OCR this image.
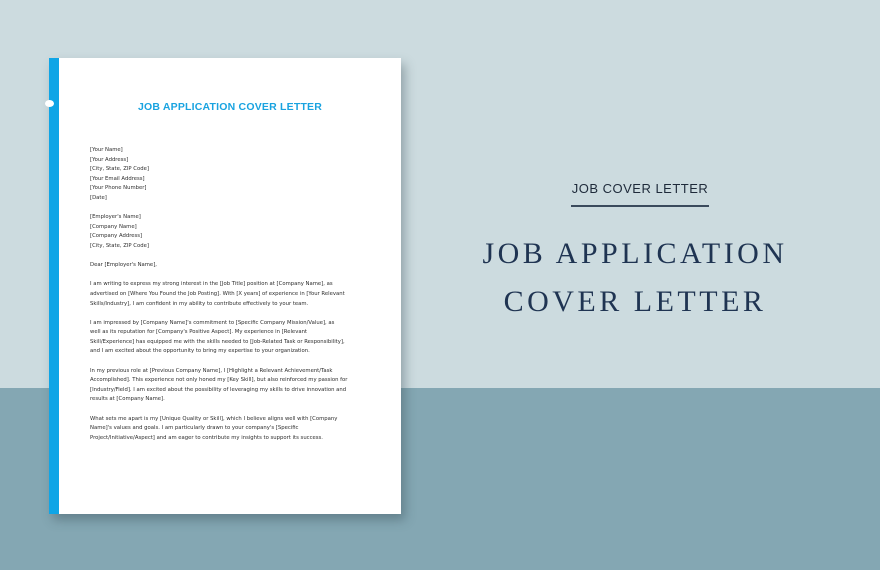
JOB APPLICATION COVER LETTER
[Your Name]
[Your Address]
[City, State, ZIP Code]
[Your Email Address]
[Your Phone Number]
[Date]
[Employer's Name]
[Company Name]
[Company Address]
[City, State, ZIP Code]
Dear [Employer's Name],
I am writing to express my strong interest in the [Job Title] position at [Company Name], as
advertised on [Where You Found the Job Posting]. With [X years] of experience in [Your Relevant
Skills/Industry], I am confident in my ability to contribute effectively to your team.
I am impressed by [Company Name]'s commitment to [Specific Company Mission/Value], as
well as its reputation for [Company's Positive Aspect]. My experience in [Relevant
Skill/Experience] has equipped me with the skills needed to [Job-Related Task or Responsibility],
and I am excited about the opportunity to bring my expertise to your organization.
In my previous role at [Previous Company Name], I [Highlight a Relevant Achievement/Task
Accomplished]. This experience not only honed my [Key Skill], but also reinforced my passion for
[Industry/Field]. I am excited about the possibility of leveraging my skills to drive innovation and
results at [Company Name].
What sets me apart is my [Unique Quality or Skill], which I believe aligns well with [Company
Name]'s values and goals. I am particularly drawn to your company's [Specific
Project/Initiative/Aspect] and am eager to contribute my insights to support its success.
JOB COVER LETTER
JOB APPLICATION
COVER LETTER
